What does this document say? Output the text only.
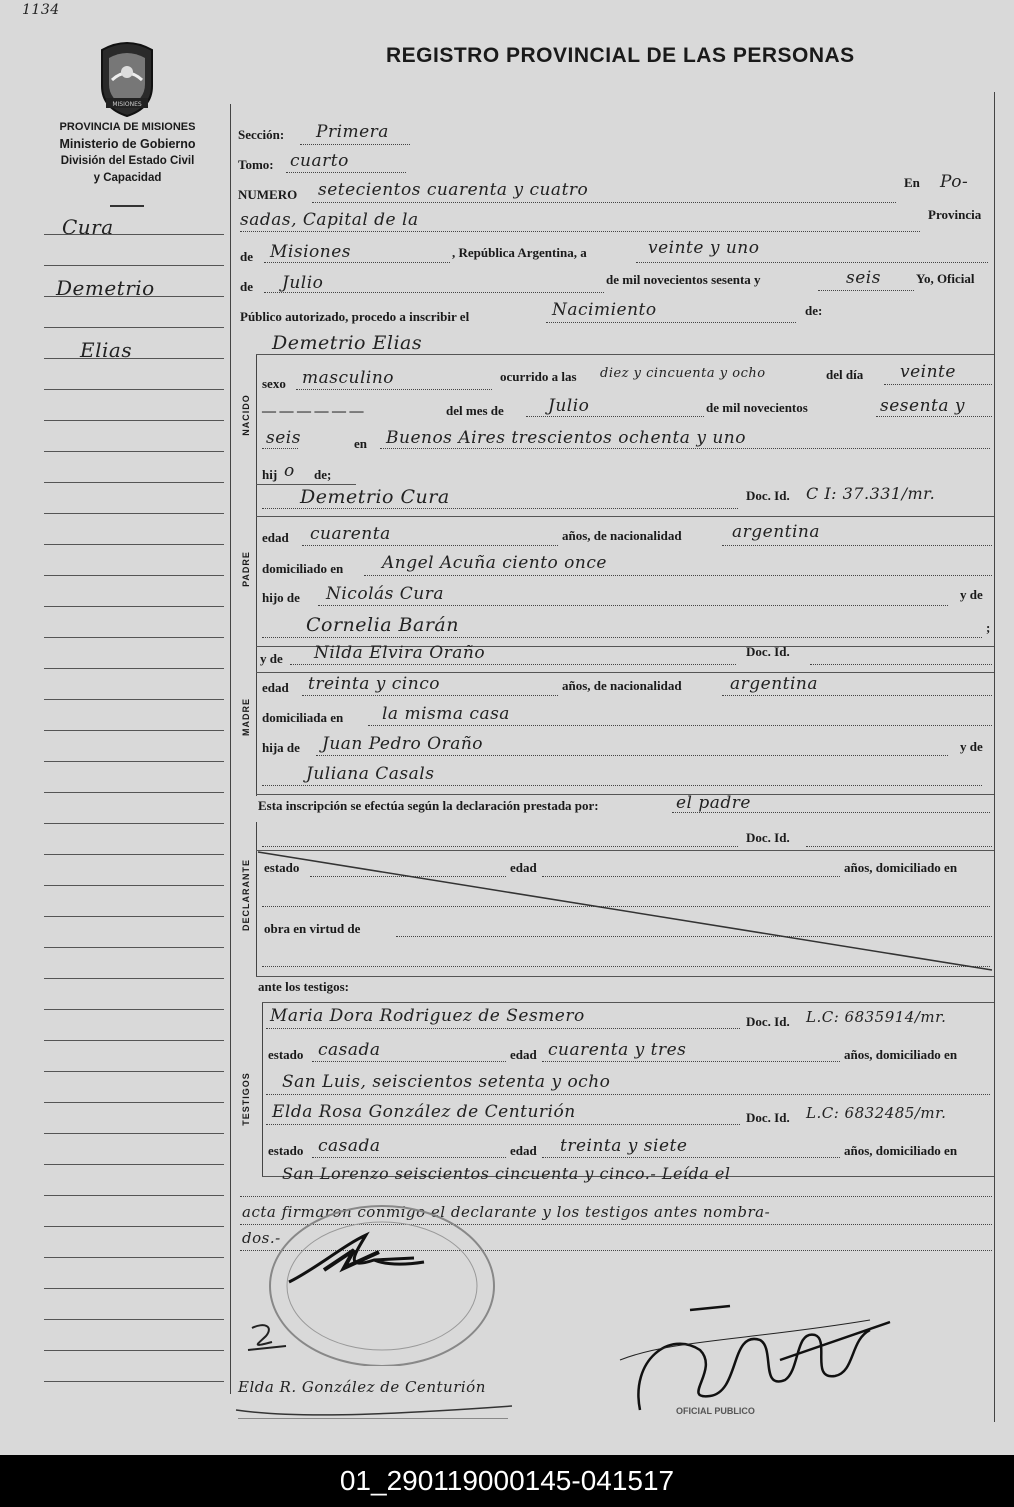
1134
MISIONES
REGISTRO PROVINCIAL DE LAS PERSONAS
PROVINCIA DE MISIONES
Ministerio de Gobierno
División del Estado Civil
y Capacidad
Cura
Demetrio
Elias
NACIDO
PADRE
MADRE
DECLARANTE
TESTIGOS
Sección: Primera
Tomo: cuarto
NUMERO setecientos cuarenta y cuatro	En Po-
sadas, Capital de la	Provincia
de Misiones	, República Argentina, a	veinte y uno
de Julio	de mil novecientos sesenta y	seis	Yo, Oficial
Público autorizado, procedo a inscribir el	Nacimiento	de:
Demetrio Elias
sexo masculino	ocurrido a las diez y cincuenta y ocho	del día veinte
— — — — — —	del mes de	Julio	de mil novecientos	sesenta y
seis	en Buenos Aires trescientos ochenta y uno
hij o de;
Demetrio Cura	Doc. Id. C I: 37.331/mr.
edad cuarenta	años, de nacionalidad	argentina
domiciliado en Angel Acuña ciento once
hijo de Nicolás Cura	y de
Cornelia Barán	;
y de Nilda Elvira Oraño	Doc. Id.
edad treinta y cinco	años, de nacionalidad	argentina
domiciliada en la misma casa
hija de Juan Pedro Oraño	y de
Juliana Casals
Esta inscripción se efectúa según la declaración prestada por:	el padre
Doc. Id.
estado	edad	años, domiciliado en
obra en virtud de
ante los testigos:
Maria Dora Rodriguez de Sesmero	Doc. Id. L.C: 6835914/mr.
estado casada	edad cuarenta y tres	años, domiciliado en
San Luis, seiscientos setenta y ocho
Elda Rosa González de Centurión	Doc. Id. L.C: 6832485/mr.
estado casada	edad treinta y siete	años, domiciliado en
San Lorenzo seiscientos cincuenta y cinco.- Leída el
acta firmaron conmigo el declarante y los testigos antes nombra-
dos.-
Elda R. González de Centurión
OFICIAL PUBLICO
01_290119000145-041517
